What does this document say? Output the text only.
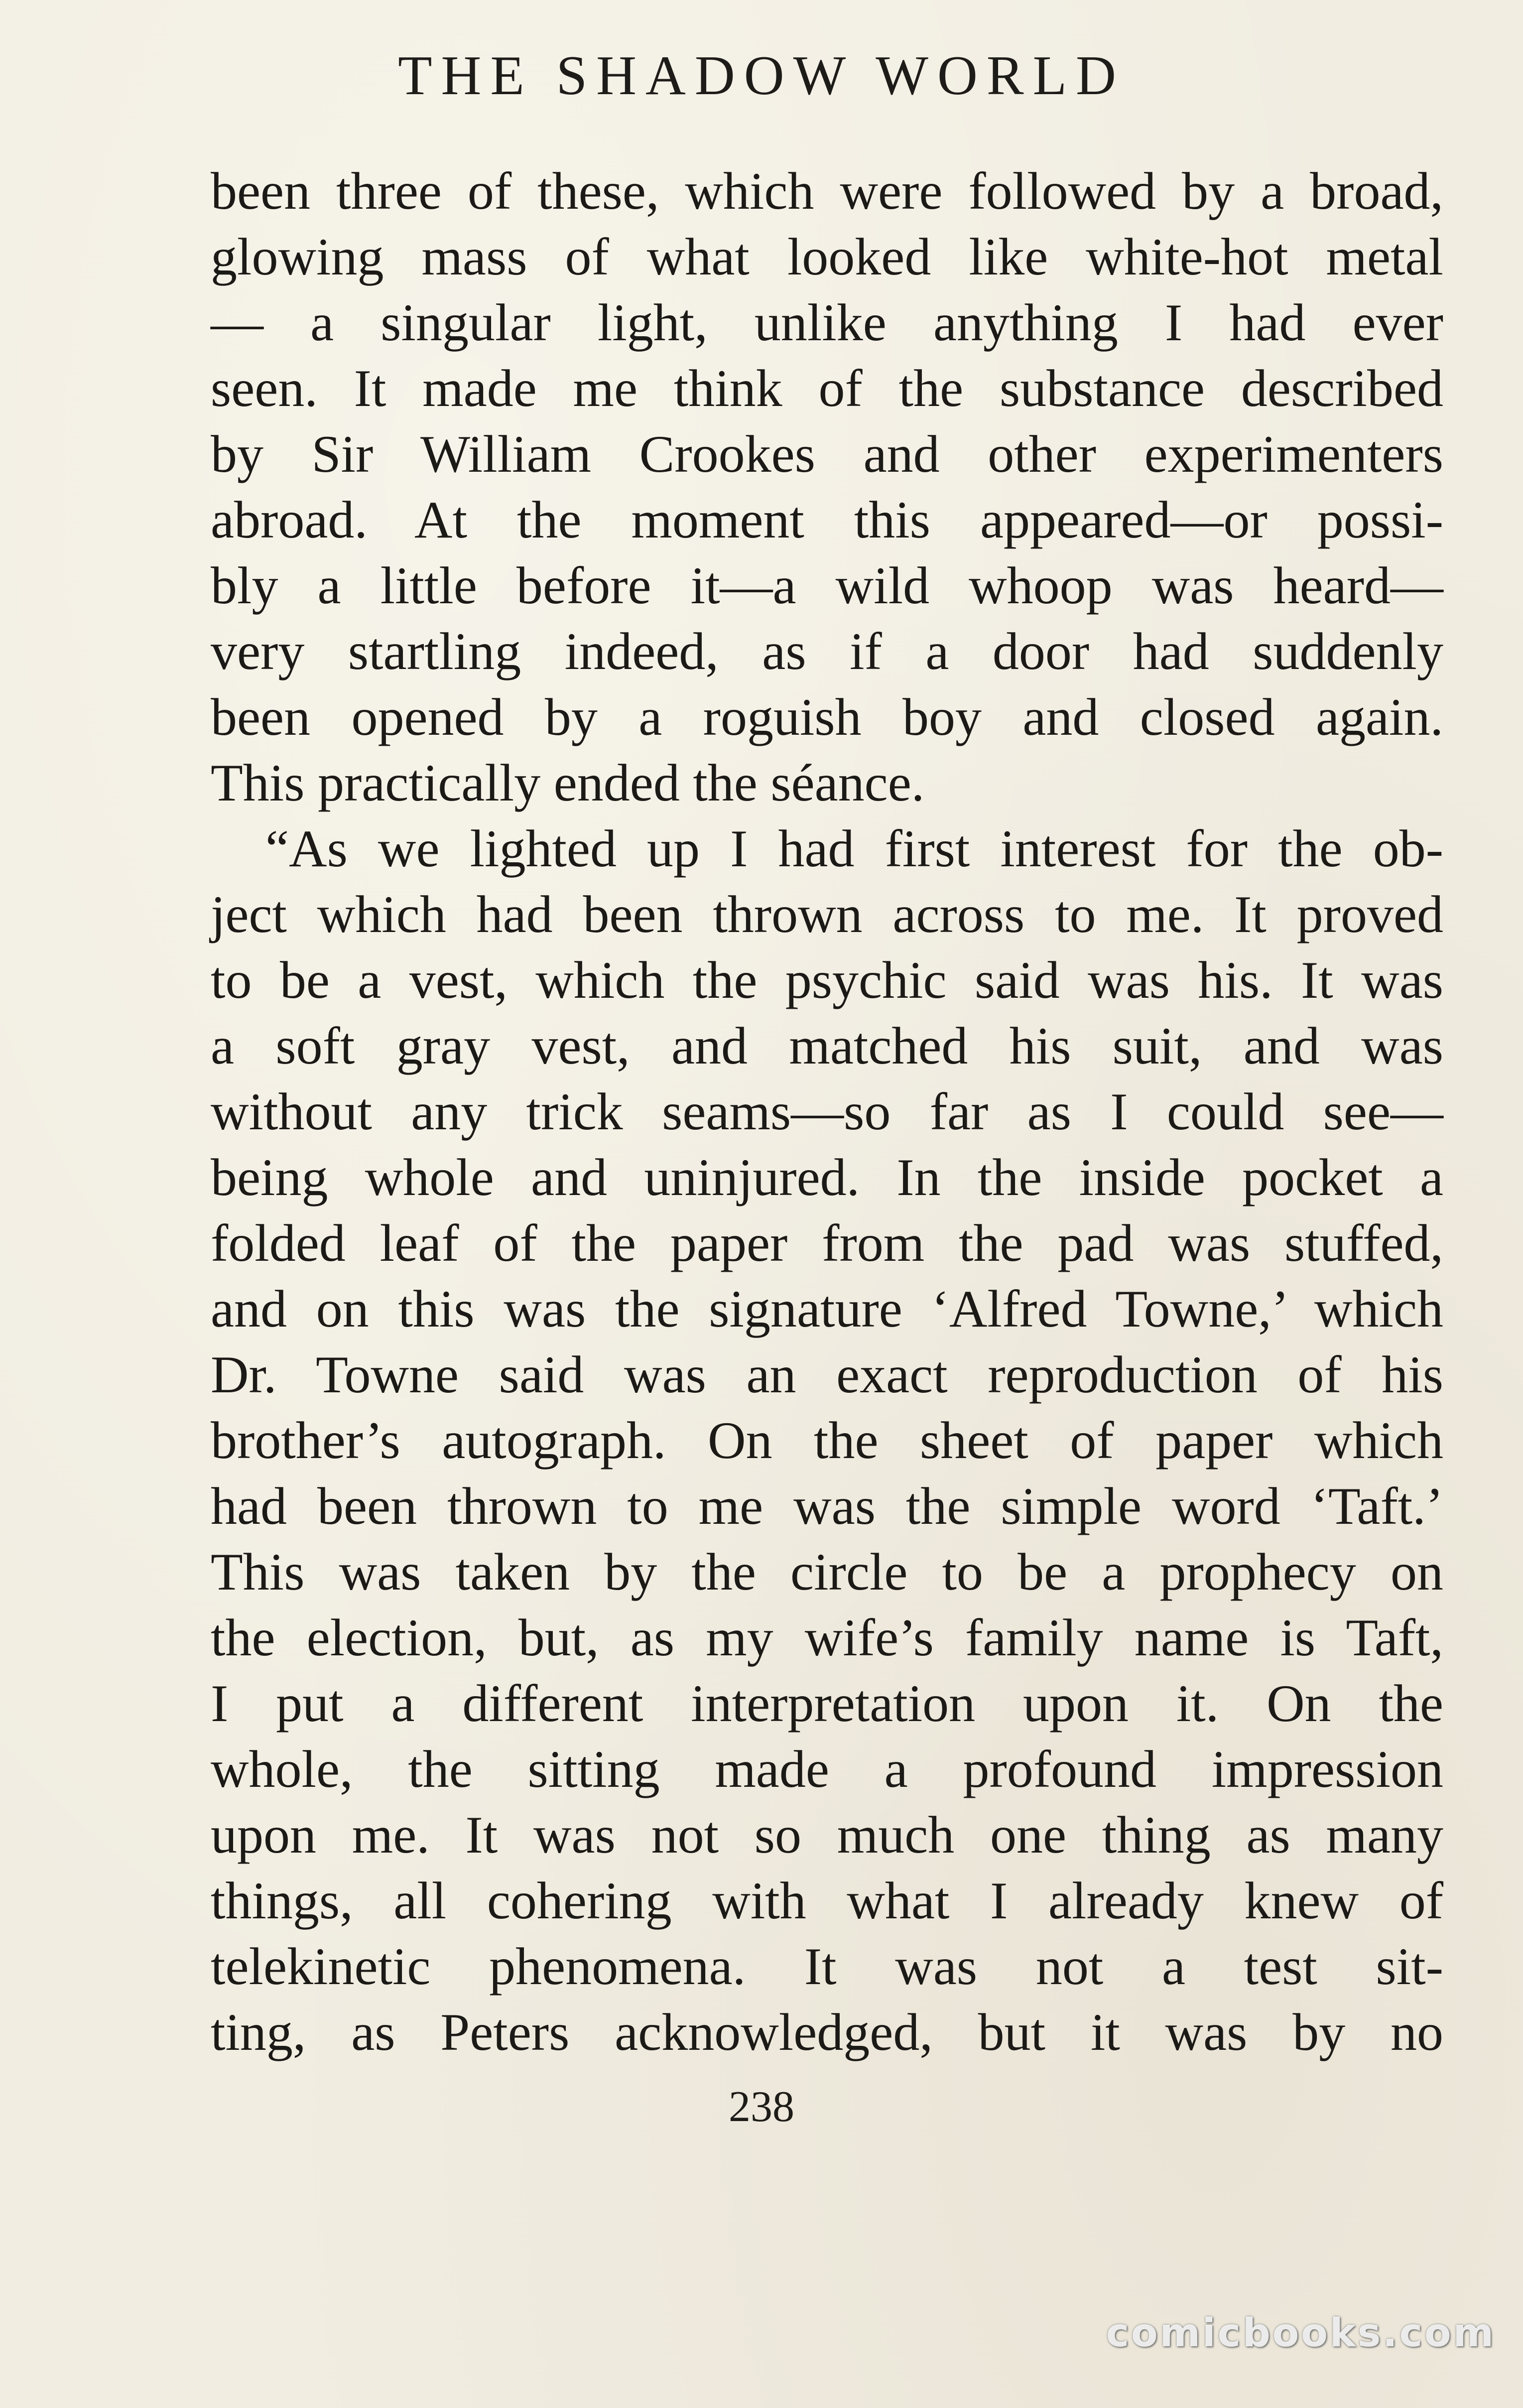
THE SHADOW WORLD
been three of these, which were followed by a broad,
glowing mass of what looked like white-hot metal
— a singular light, unlike anything I had ever
seen. It made me think of the substance described
by Sir William Crookes and other experimenters
abroad. At the moment this appeared—or possi-
bly a little before it—a wild whoop was heard—
very startling indeed, as if a door had suddenly
been opened by a roguish boy and closed again.
This practically ended the séance.
“As we lighted up I had first interest for the ob-
ject which had been thrown across to me. It proved
to be a vest, which the psychic said was his. It was
a soft gray vest, and matched his suit, and was
without any trick seams—so far as I could see—
being whole and uninjured. In the inside pocket a
folded leaf of the paper from the pad was stuffed,
and on this was the signature ‘Alfred Towne,’ which
Dr. Towne said was an exact reproduction of his
brother’s autograph. On the sheet of paper which
had been thrown to me was the simple word ‘Taft.’
This was taken by the circle to be a prophecy on
the election, but, as my wife’s family name is Taft,
I put a different interpretation upon it. On the
whole, the sitting made a profound impression
upon me. It was not so much one thing as many
things, all cohering with what I already knew of
telekinetic phenomena. It was not a test sit-
ting, as Peters acknowledged, but it was by no
238
comicbooks.com
